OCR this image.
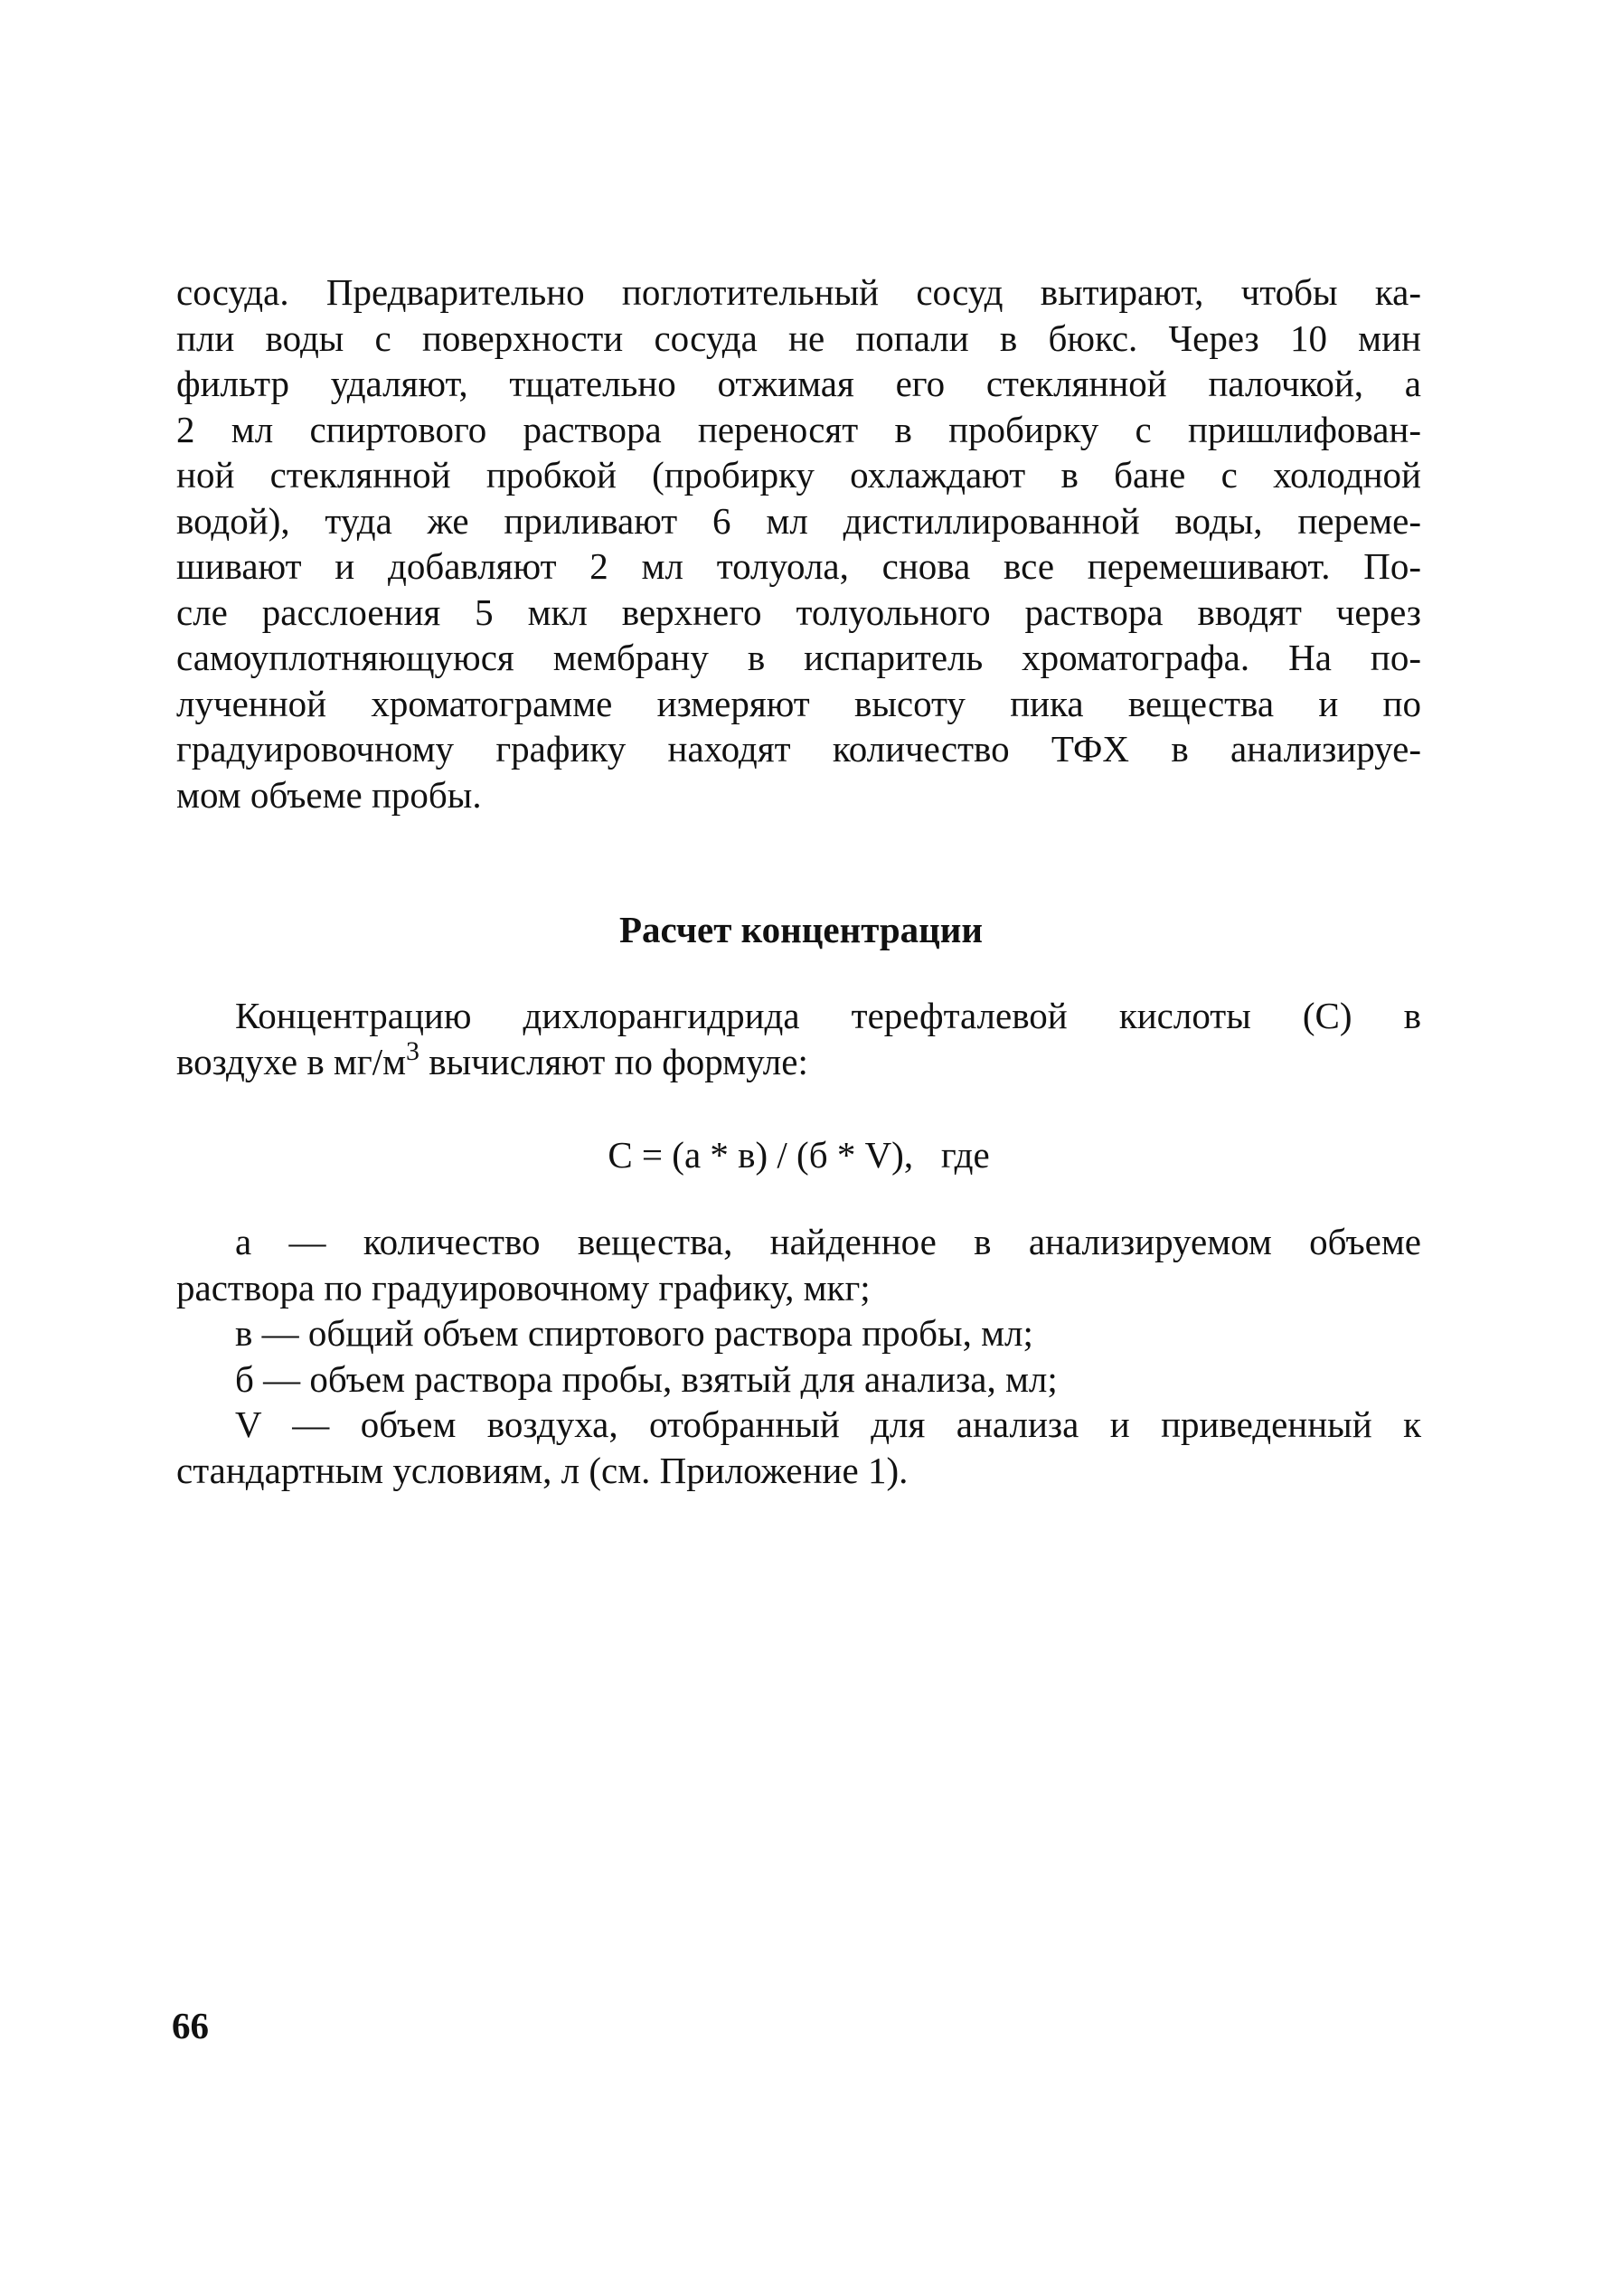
сосуда. Предварительно поглотительный сосуд вытирают, чтобы ка-
пли воды с поверхности сосуда не попали в бюкс. Через 10 мин
фильтр удаляют, тщательно отжимая его стеклянной палочкой, а
2 мл спиртового раствора переносят в пробирку с пришлифован-
ной стеклянной пробкой (пробирку охлаждают в бане с холодной
водой), туда же приливают 6 мл дистиллированной воды, переме-
шивают и добавляют 2 мл толуола, снова все перемешивают. По-
сле расслоения 5 мкл верхнего толуольного раствора вводят через
самоуплотняющуюся мембрану в испаритель хроматографа. На по-
лученной хроматограмме измеряют высоту пика вещества и по
градуировочному графику находят количество ТФХ в анализируе-
мом объеме пробы.
Расчет концентрации
Концентрацию дихлорангидрида терефталевой кислоты (С) в
воздухе в $мг/м^3$ вычисляют по формуле:
С = (а * в) / (б * V),   где
а — количество вещества, найденное в анализируемом объеме
раствора по градуировочному графику, мкг;
в — общий объем спиртового раствора пробы, мл;
б — объем раствора пробы, взятый для анализа, мл;
V — объем воздуха, отобранный для анализа и приведенный к
стандартным условиям, л (см. Приложение 1).
66
